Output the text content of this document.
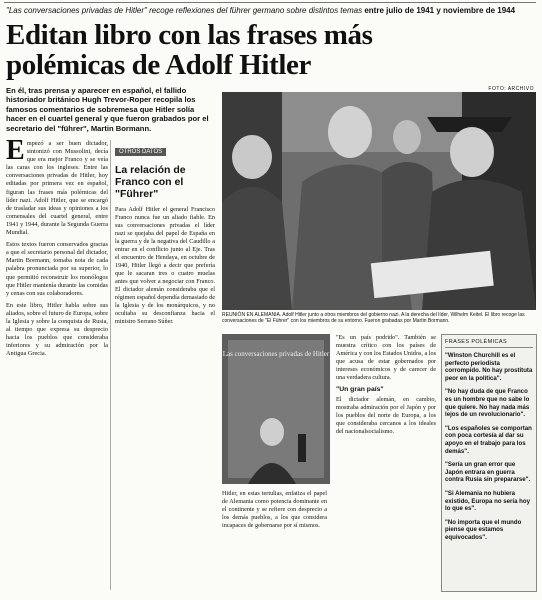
"Las conversaciones privadas de Hitler" recoge reflexiones del führer germano sobre distintos temas entre julio de 1941 y noviembre de 1944
Editan libro con las frases más polémicas de Adolf Hitler
En él, tras prensa y aparecer en español, el fallido historiador británico Hugh Trevor-Roper recopila los famosos comentarios de sobremesa que Hitler solía hacer en el cuartel general y que fueron grabados por el secretario del "führer", Martin Bormann.
FOTO: ARCHIVO
REUNIÓN EN ALEMANIA. Adolf Hitler junto a otros miembros del gobierno nazi. A la derecha del líder, Wilhelm Keitel. El libro recoge las conversaciones de "El Führer" con los miembros de su entorno. Fueron grabadas por Martin Bormann.

Empezó a ser buen dictador, sintonizó con Mussolini, decía que era mejor Franco y se veía las caras con los ingleses. Entre las conversaciones privadas de Hitler, hoy editadas por primera vez en español, figuran las frases más polémicas del líder nazi. Adolf Hitler, que se encargó de trasladar sus ideas y opiniones a los comensales del cuartel general, entre 1941 y 1944, durante la Segunda Guerra Mundial.

Estos textos fueron conservados gracias a que el secretario personal del dictador, Martin Bormann, tomaba nota de cada palabra pronunciada por su superior, lo que permitió reconstruir los monólogos que Hitler mantenía durante las comidas y cenas con sus colaboradores.

En este libro, Hitler habla sobre sus aliados, sobre el futuro de Europa, sobre la Iglesia y sobre la conquista de Rusia, al tiempo que expresa su desprecio hacia los pueblos que consideraba inferiores y su admiración por la Antigua Grecia.

OTROS DATOS
La relación de Franco con el "Führer"
Para Adolf Hitler el general Francisco Franco nunca fue un aliado fiable. En sus conversaciones privadas el líder nazi se quejaba del papel de España en la guerra y de la negativa del Caudillo a entrar en el conflicto junto al Eje. Tras el encuentro de Hendaya, en octubre de 1940, Hitler llegó a decir que prefería que le sacaran tres o cuatro muelas antes que volver a negociar con Franco. El dictador alemán consideraba que el régimen español dependía demasiado de la Iglesia y de los monárquicos, y no ocultaba su desconfianza hacia el ministro Serrano Súñer.
Las conversaciones privadas de Hitler
Hitler, en estas tertulias, enfatiza el papel de Alemania como potencia dominante en el continente y se refiere con desprecio a los demás pueblos, a los que considera incapaces de gobernarse por sí mismos.
"Es un país podrido". También se muestra crítico con los países de América y con los Estados Unidos, a los que acusa de estar gobernados por intereses económicos y de carecer de una verdadera cultura.
"Un gran país"
El dictador alemán, en cambio, mostraba admiración por el Japón y por los pueblos del norte de Europa, a los que consideraba cercanos a los ideales del nacionalsocialismo.
FRASES POLÉMICAS
"Winston Churchill es el perfecto periodista corrompido. No hay prostituta peor en la política".
"No hay duda de que Franco es un hombre que no sabe lo que quiere. No hay nada más lejos de un revolucionario".
"Los españoles se comportan con poca cortesía al dar su apoyo en el trabajo para los demás".
"Sería un gran error que Japón entrara en guerra contra Rusia sin prepararse".
"Si Alemania no hubiera existido, Europa no sería hoy lo que es".
"No importa que el mundo piense que estamos equivocados".
